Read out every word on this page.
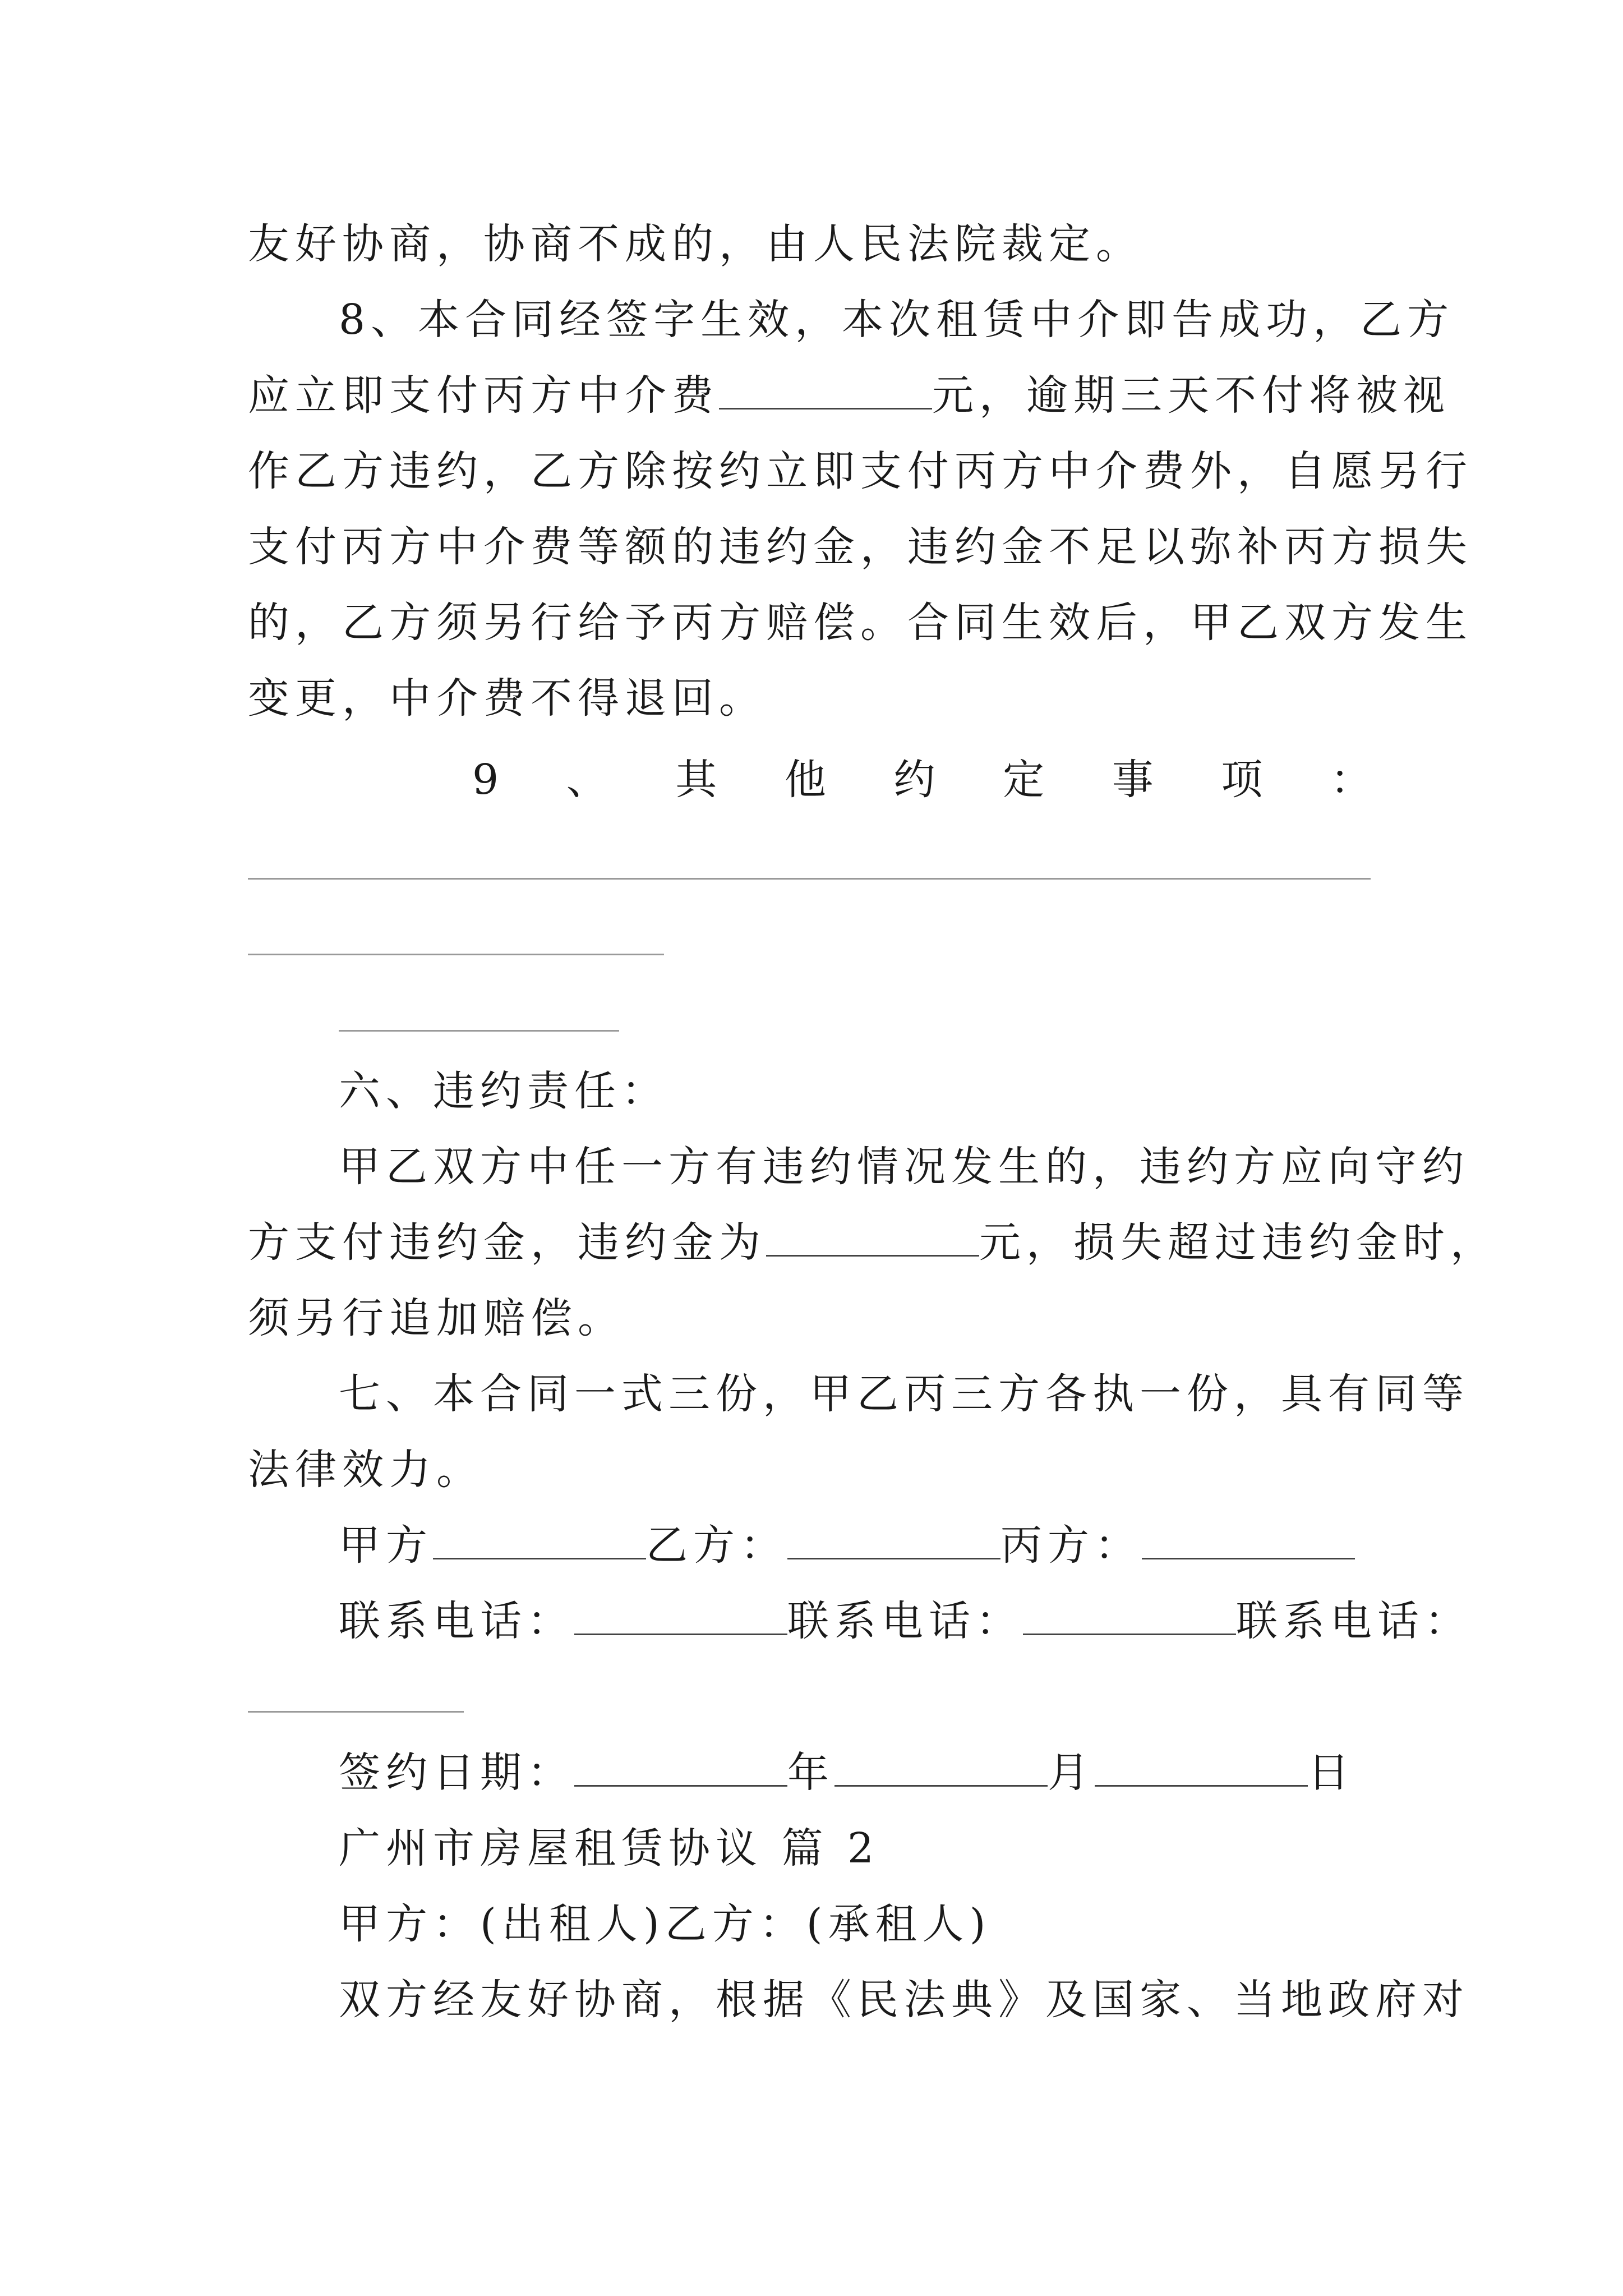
友好协商，协商不成的，由人民法院裁定。
8、本合同经签字生效，本次租赁中介即告成功，乙方
应立即支付丙方中介费	元，逾期三天不付将被视
作乙方违约，乙方除按约立即支付丙方中介费外，自愿另行
支付丙方中介费等额的违约金，违约金不足以弥补丙方损失
的，乙方须另行给予丙方赔偿。合同生效后，甲乙双方发生
变更，中介费不得退回。
9 、 其 他 约 定 事 项 ：
六、违约责任：
甲乙双方中任一方有违约情况发生的，违约方应向守约
方支付违约金，违约金为	元，损失超过违约金时，
须另行追加赔偿。
七、本合同一式三份，甲乙丙三方各执一份，具有同等
法律效力。
甲方	乙方：	丙方：
联系电话：	联系电话：	联系电话：
签约日期：	年	月	日
广州市房屋租赁协议 篇 2
甲方：(出租人)乙方：(承租人)
双方经友好协商，根据《民法典》及国家、当地政府对
